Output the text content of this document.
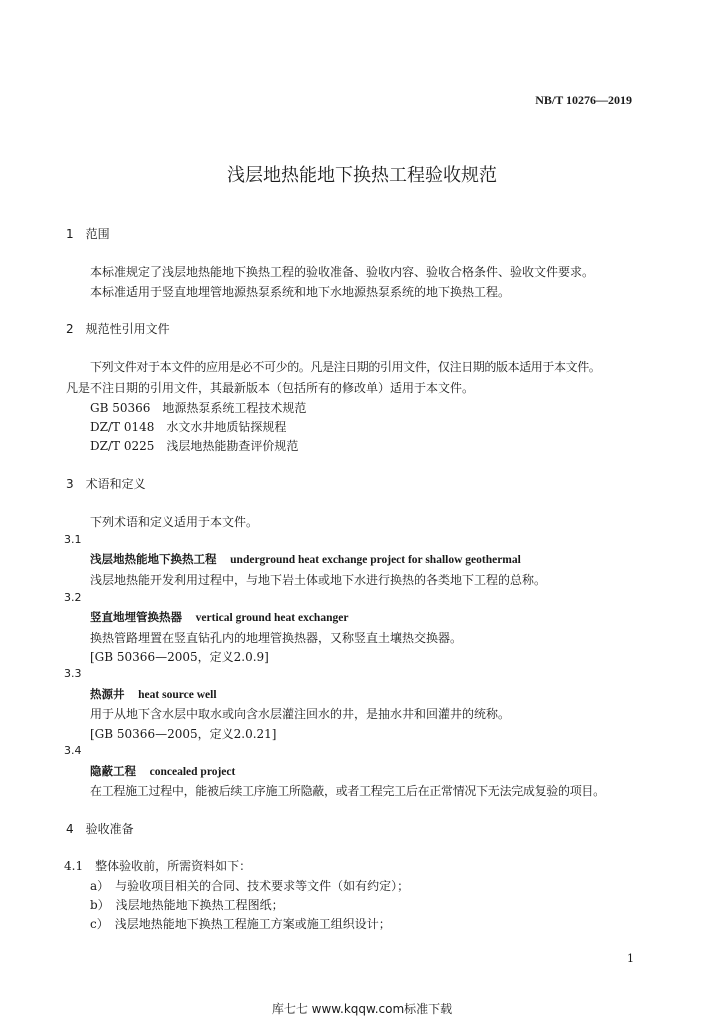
NB/T 10276—2019
浅层地热能地下换热工程验收规范
1　范围
本标准规定了浅层地热能地下换热工程的验收准备、验收内容、验收合格条件、验收文件要求。
本标准适用于竖直地埋管地源热泵系统和地下水地源热泵系统的地下换热工程。
2　规范性引用文件
下列文件对于本文件的应用是必不可少的。凡是注日期的引用文件，仅注日期的版本适用于本文件。
凡是不注日期的引用文件，其最新版本（包括所有的修改单）适用于本文件。
GB 50366　地源热泵系统工程技术规范
DZ/T 0148　水文水井地质钻探规程
DZ/T 0225　浅层地热能勘查评价规范
3　术语和定义
下列术语和定义适用于本文件。
3.1
浅层地热能地下换热工程 underground heat exchange project for shallow geothermal
浅层地热能开发利用过程中，与地下岩土体或地下水进行换热的各类地下工程的总称。
3.2
竖直地埋管换热器 vertical ground heat exchanger
换热管路埋置在竖直钻孔内的地埋管换热器，又称竖直土壤热交换器。
[GB 50366—2005，定义2.0.9]
3.3
热源井 heat source well
用于从地下含水层中取水或向含水层灌注回水的井，是抽水井和回灌井的统称。
[GB 50366—2005，定义2.0.21]
3.4
隐蔽工程 concealed project
在工程施工过程中，能被后续工序施工所隐蔽，或者工程完工后在正常情况下无法完成复验的项目。
4　验收准备
4.1　整体验收前，所需资料如下：
a）　与验收项目相关的合同、技术要求等文件（如有约定）；
b）　浅层地热能地下换热工程图纸；
c）　浅层地热能地下换热工程施工方案或施工组织设计；
1
库七七 www.kqqw.com标准下载
